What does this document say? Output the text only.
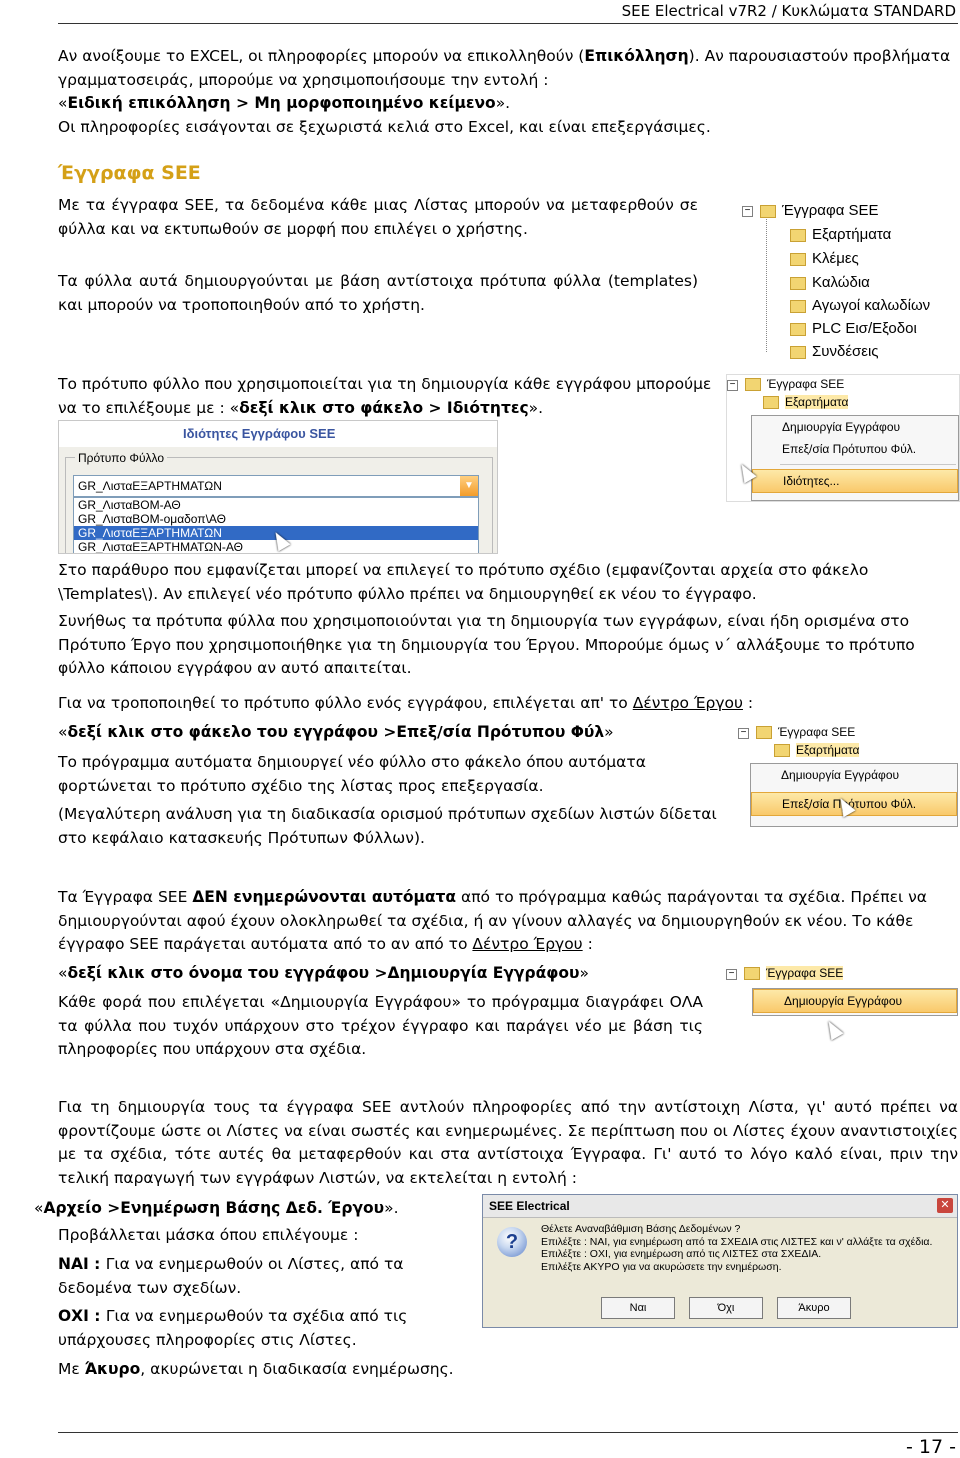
SEE Electrical v7R2 / Κυκλώματα STANDARD
Αν ανοίξουμε το EXCEL, οι πληροφορίες μπορούν να επικολληθούν (Επικόλληση). Αν παρουσιαστούν προβλήματα γραμματοσειράς, μπορούμε να χρησιμοποιήσουμε την εντολή :
«Ειδική επικόλληση > Μη μορφοποιημένο κείμενο».
Οι πληροφορίες εισάγονται σε ξεχωριστά κελιά στο Excel, και είναι επεξεργάσιμες.
Έγγραφα SEE
Με τα έγγραφα SEE, τα δεδομένα κάθε μιας Λίστας μπορούν να μεταφερθούν σε φύλλα και να εκτυπωθούν σε μορφή που επιλέγει ο χρήστης.
Τα φύλλα αυτά δημιουργούνται με βάση αντίστοιχα πρότυπα φύλλα (templates) και μπορούν να τροποποιηθούν από το χρήστη.
−	Έγγραφα SEE
Εξαρτήματα
Κλέμες
Καλώδια
Αγωγοί καλωδίων
PLC Εισ/Εξοδοι
Συνδέσεις
Το πρότυπο φύλλο που χρησιμοποιείται για τη δημιουργία κάθε εγγράφου μπορούμε να το επιλέξουμε με : «δεξί κλικ στο φάκελο > Ιδιότητες».
−	Έγγραφα SEE
Εξαρτήματα
Δημιουργία Εγγράφου
Επεξ/σία Πρότυπου Φύλ.
Ιδιότητες...
Ιδιότητες Εγγράφου SEE
Πρότυπο Φύλλο
GR_ΛισταΕΞΑΡΤΗΜΑΤΩΝ	▼
GR_ΛισταΒΟΜ-ΑΘ
GR_ΛισταΒΟΜ-ομαδοπ\ΑΘ
GR_ΛισταΕΞΑΡΤΗΜΑΤΩΝ
GR_ΛισταΕΞΑΡΤΗΜΑΤΩΝ-ΑΘ
Στο παράθυρο που εμφανίζεται μπορεί να επιλεγεί το πρότυπο σχέδιο (εμφανίζονται αρχεία στο φάκελο \Templates\). Αν επιλεγεί νέο πρότυπο φύλλο πρέπει να δημιουργηθεί εκ νέου το έγγραφο.
Συνήθως τα πρότυπα φύλλα που χρησιμοποιούνται για τη δημιουργία των εγγράφων, είναι ήδη ορισμένα στο Πρότυπο Έργο που χρησιμοποιήθηκε για τη δημιουργία του Έργου. Μπορούμε όμως ν΄ αλλάξουμε το πρότυπο φύλλο κάποιου εγγράφου αν αυτό απαιτείται.
Για να τροποποιηθεί το πρότυπο φύλλο ενός εγγράφου, επιλέγεται απ' το Δέντρο Έργου :
«δεξί κλικ στο φάκελο του εγγράφου >Επεξ/σία Πρότυπου Φύλ»
Το πρόγραμμα αυτόματα δημιουργεί νέο φύλλο στο φάκελο όπου αυτόματα φορτώνεται το πρότυπο σχέδιο της λίστας προς επεξεργασία.
(Μεγαλύτερη ανάλυση για τη διαδικασία ορισμού πρότυπων σχεδίων λιστών δίδεται στο κεφάλαιο κατασκευής Πρότυπων Φύλλων).
−	Έγγραφα SEE
Εξαρτήματα
Δημιουργία Εγγράφου
Επεξ/σία Πρότυπου Φύλ.
Τα Έγγραφα SEE ΔΕΝ ενημερώνονται αυτόματα από το πρόγραμμα καθώς παράγονται τα σχέδια. Πρέπει να δημιουργούνται αφού έχουν ολοκληρωθεί τα σχέδια, ή αν γίνουν αλλαγές να δημιουργηθούν εκ νέου. Το κάθε έγγραφο SEE παράγεται αυτόματα από το αν από το Δέντρο Έργου :
«δεξί κλικ στο όνομα του εγγράφου >Δημιουργία Εγγράφου»
Κάθε φορά που επιλέγεται «Δημιουργία Εγγράφου» το πρόγραμμα διαγράφει ΟΛΑ τα φύλλα που τυχόν υπάρχουν στο τρέχον έγγραφο και παράγει νέο με βάση τις πληροφορίες που υπάρχουν στα σχέδια.
−	Έγγραφα SEE
Δημιουργία Εγγράφου
Για τη δημιουργία τους τα έγγραφα SEE αντλούν πληροφορίες από την αντίστοιχη Λίστα, γι' αυτό πρέπει να φροντίζουμε ώστε οι Λίστες να είναι σωστές και ενημερωμένες. Σε περίπτωση που οι Λίστες έχουν αναντιστοιχίες με τα σχέδια, τότε αυτές θα μεταφερθούν και στα αντίστοιχα Έγγραφα. Γι' αυτό το λόγο καλό είναι, πριν την τελική παραγωγή των εγγράφων Λιστών, να εκτελείται η εντολή :
«Αρχείο >Ενημέρωση Βάσης Δεδ. Έργου».
Προβάλλεται μάσκα όπου επιλέγουμε :
ΝΑΙ : Για να ενημερωθούν οι Λίστες, από τα δεδομένα των σχεδίων.
ΟΧΙ : Για να ενημερωθούν τα σχέδια από τις υπάρχουσες πληροφορίες στις Λίστες.
Με Άκυρο, ακυρώνεται η διαδικασία ενημέρωσης.
SEE Electrical	✕
?
Θέλετε Αναναβάθμιση Βάσης Δεδομένων ?
Επιλέξτε : ΝΑΙ, για ενημέρωση από τα ΣΧΕΔΙΑ στις ΛΙΣΤΕΣ και ν' αλλάξτε τα σχέδια.
Επιλέξτε : ΟΧΙ, για ενημέρωση από τις ΛΙΣΤΕΣ στα ΣΧΕΔΙΑ.
Επιλέξτε ΑΚΥΡΟ για να ακυρώσετε την ενημέρωση.
Ναι	Όχι	Άκυρο
- 17 -
